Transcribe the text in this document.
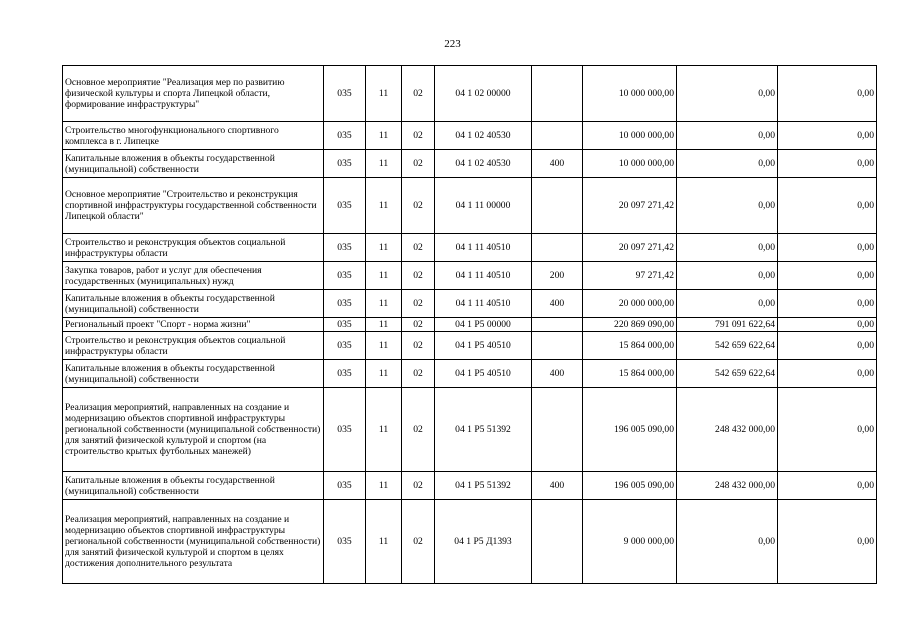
223
Основное мероприятие "Реализация мер по развитию физической культуры и спорта Липецкой области, формирование инфраструктуры"	035	11	02	04 1 02 00000		10 000 000,00	0,00	0,00
Строительство многофункционального спортивного комплекса в г. Липецке	035	11	02	04 1 02 40530		10 000 000,00	0,00	0,00
Капитальные вложения в объекты государственной (муниципальной) собственности	035	11	02	04 1 02 40530	400	10 000 000,00	0,00	0,00
Основное мероприятие "Строительство и реконструкция спортивной инфраструктуры государственной собственности Липецкой области"	035	11	02	04 1 11 00000		20 097 271,42	0,00	0,00
Строительство и реконструкция объектов социальной инфраструктуры области	035	11	02	04 1 11 40510		20 097 271,42	0,00	0,00
Закупка товаров, работ и услуг для обеспечения государственных (муниципальных) нужд	035	11	02	04 1 11 40510	200	97 271,42	0,00	0,00
Капитальные вложения в объекты государственной (муниципальной) собственности	035	11	02	04 1 11 40510	400	20 000 000,00	0,00	0,00
Региональный проект "Спорт - норма жизни"	035	11	02	04 1 P5 00000		220 869 090,00	791 091 622,64	0,00
Строительство и реконструкция объектов социальной инфраструктуры области	035	11	02	04 1 P5 40510		15 864 000,00	542 659 622,64	0,00
Капитальные вложения в объекты государственной (муниципальной) собственности	035	11	02	04 1 P5 40510	400	15 864 000,00	542 659 622,64	0,00
Реализация мероприятий, направленных на создание и модернизацию объектов спортивной инфраструктуры региональной собственности (муниципальной собственности) для занятий физической культурой и спортом (на строительство крытых футбольных манежей)	035	11	02	04 1 P5 51392		196 005 090,00	248 432 000,00	0,00
Капитальные вложения в объекты государственной (муниципальной) собственности	035	11	02	04 1 P5 51392	400	196 005 090,00	248 432 000,00	0,00
Реализация мероприятий, направленных на создание и модернизацию объектов спортивной инфраструктуры региональной собственности (муниципальной собственности) для занятий физической культурой и спортом в целях достижения дополнительного результата	035	11	02	04 1 P5 Д1393		9 000 000,00	0,00	0,00
